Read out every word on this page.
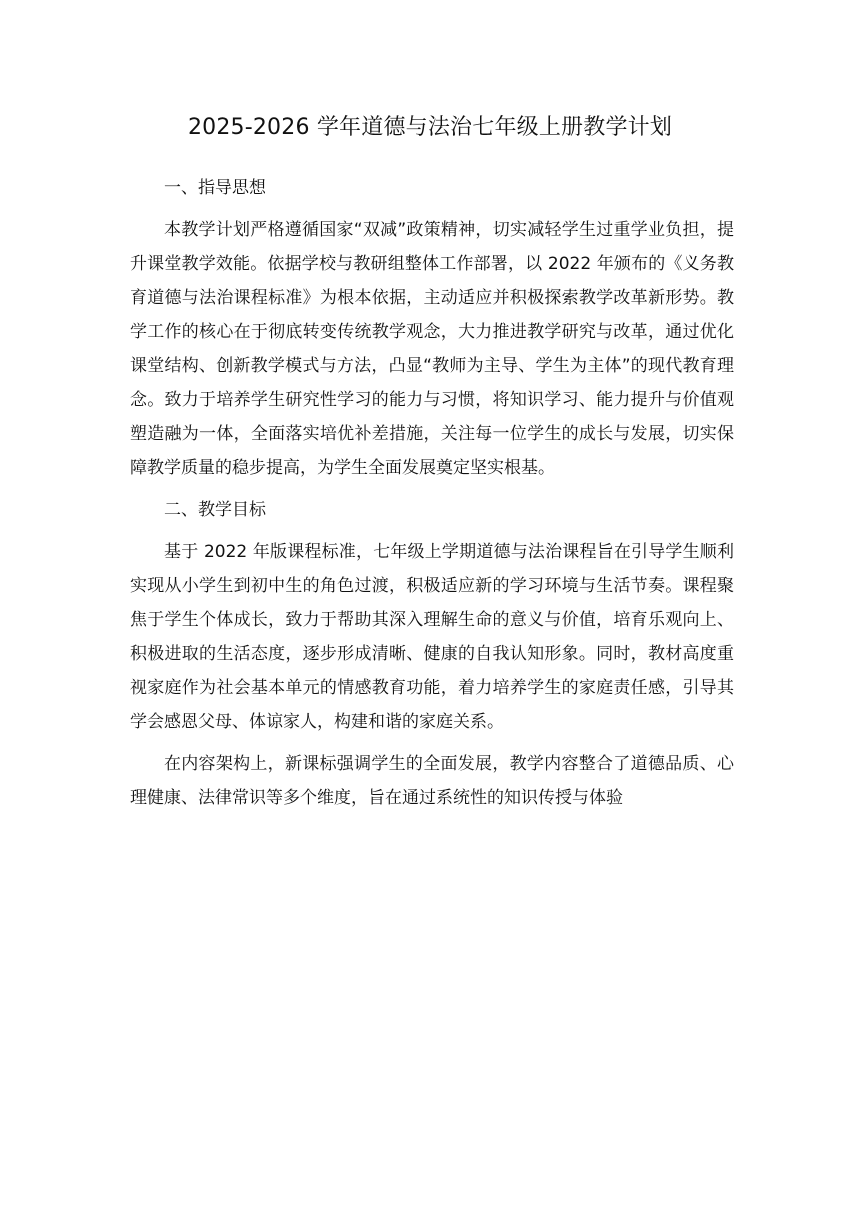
2025-2026 学年道德与法治七年级上册教学计划
一、指导思想

本教学计划严格遵循国家“双减”政策精神，切实减轻学生过重学业负担，提升课堂教学效能。依据学校与教研组整体工作部署，以 2022 年颁布的《义务教育道德与法治课程标准》为根本依据，主动适应并积极探索教学改革新形势。教学工作的核心在于彻底转变传统教学观念，大力推进教学研究与改革，通过优化课堂结构、创新教学模式与方法，凸显“教师为主导、学生为主体”的现代教育理念。致力于培养学生研究性学习的能力与习惯，将知识学习、能力提升与价值观塑造融为一体，全面落实培优补差措施，关注每一位学生的成长与发展，切实保障教学质量的稳步提高，为学生全面发展奠定坚实根基。

二、教学目标

基于 2022 年版课程标准，七年级上学期道德与法治课程旨在引导学生顺利实现从小学生到初中生的角色过渡，积极适应新的学习环境与生活节奏。课程聚焦于学生个体成长，致力于帮助其深入理解生命的意义与价值，培育乐观向上、积极进取的生活态度，逐步形成清晰、健康的自我认知形象。同时，教材高度重视家庭作为社会基本单元的情感教育功能，着力培养学生的家庭责任感，引导其学会感恩父母、体谅家人，构建和谐的家庭关系。

在内容架构上，新课标强调学生的全面发展，教学内容整合了道德品质、心理健康、法律常识等多个维度，旨在通过系统性的知识传授与体验
